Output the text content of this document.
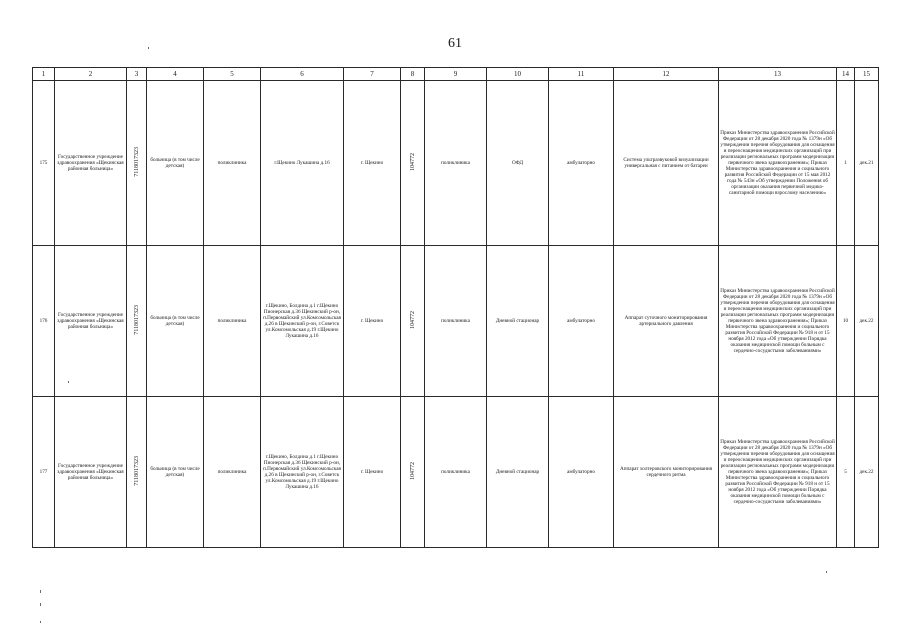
61
1	2	3	4	5	6	7	8	9	10	11	12	13	14	15
175	Государственное учреждение здравоохранения «Щекинская районная больница»	7118017323	больница (в том числе детская)	поликлиника	г.Щекино Лукашина д.16	г. Щекино	104772	поликлиника	ОФД	амбулаторно	Система ультразвуковой визуализации универсальная с питанием от батареи	Приказ Министерства здравоохранения Российской Федерации от 28 декабря 2020 года № 1379н «Об утверждении перечня оборудования для оснащения и переоснащения медицинских организаций при реализации региональных программ модернизации первичного звена здравоохранения»; Приказ Министерства здравоохранения и социального развития Российской Федерации от 15 мая 2012 года № 543н «Об утверждении Положения об организации оказания первичной медико-санитарной помощи взрослому населению»	1	дек.21
176	Государственное учреждение здравоохранения «Щекинская районная больница»	7118017323	больница (в том числе детская)	поликлиника	г.Щекино, Болдина д.1 г.Щекино Пионерская д.36 Щекинский р-он, п.Первомайский ул.Комсомольская д.26 в Щекинский р-он, г.Советск ул.Комсомольская д.19 г.Щекино Лукашина д.16	г. Щекино	104772	поликлиника	Дневной стационар	амбулаторно	Аппарат суточного мониторирования артериального давления	Приказ Министерства здравоохранения Российской Федерации от 28 декабря 2020 года № 1379н «Об утверждении перечня оборудования для оснащения и переоснащения медицинских организаций при реализации региональных программ модернизации первичного звена здравоохранения»; Приказ Министерства здравоохранения и социального развития Российской Федерации № 918 н от 15 ноября 2012 года «Об утверждении Порядка оказания медицинской помощи больным с сердечно-сосудистыми заболеваниями»	10	дек.22
177	Государственное учреждение здравоохранения «Щекинская районная больница»	7118017323	больница (в том числе детская)	поликлиника	г.Щекино, Болдина д.1 г.Щекино Пионерская д.36 Щекинский р-он, п.Первомайский ул.Комсомольская д.26 в Щекинский р-он, г.Советск ул.Комсомольская д.19 г.Щекино Лукашина д.16	г. Щекино	104772	поликлиника	Дневной стационар	амбулаторно	Аппарат холтеровского мониторирования сердечного ритма	Приказ Министерства здравоохранения Российской Федерации от 28 декабря 2020 года № 1379н «Об утверждении перечня оборудования для оснащения и переоснащения медицинских организаций при реализации региональных программ модернизации первичного звена здравоохранения»; Приказ Министерства здравоохранения и социального развития Российской Федерации № 918 н от 15 ноября 2012 года «Об утверждении Порядка оказания медицинской помощи больным с сердечно-сосудистыми заболеваниями»	5	дек.22
